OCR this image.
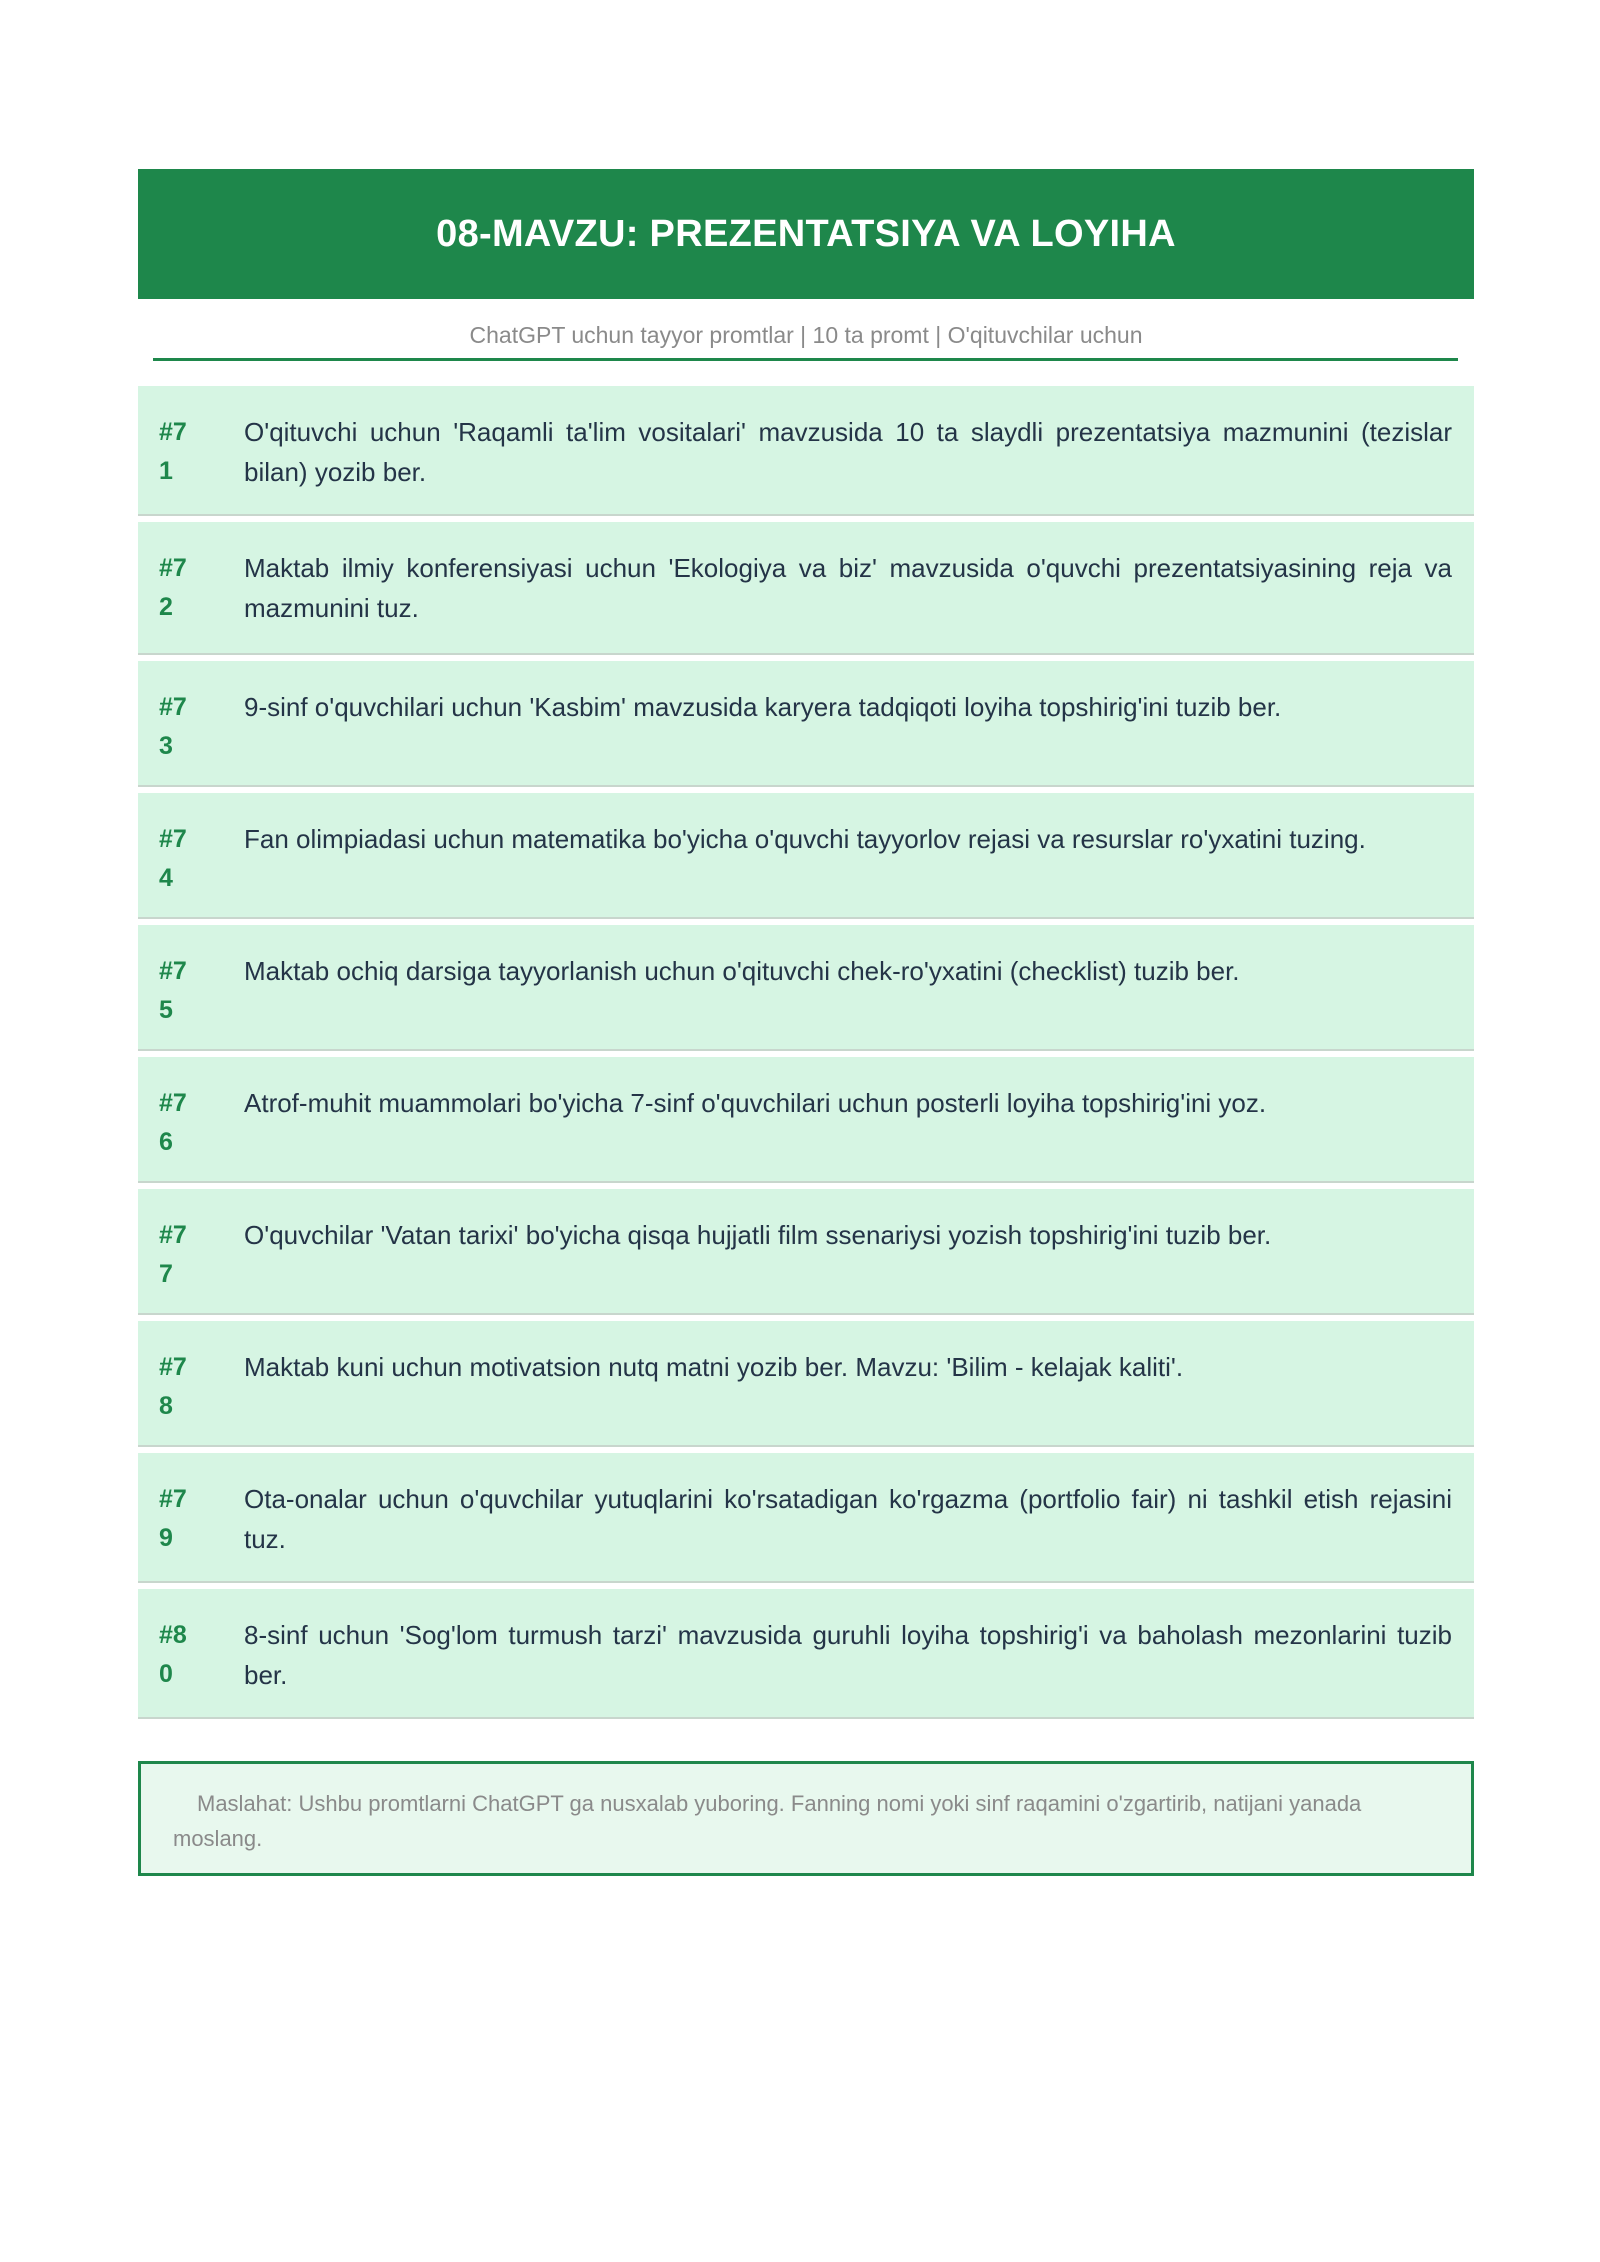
08-MAVZU: PREZENTATSIYA VA LOYIHA
ChatGPT uchun tayyor promtlar | 10 ta promt | O'qituvchilar uchun
#71
O'qituvchi uchun 'Raqamli ta'lim vositalari' mavzusida 10 ta slaydli prezentatsiya mazmunini (tezislar bilan) yozib ber.
#72
Maktab ilmiy konferensiyasi uchun 'Ekologiya va biz' mavzusida o'quvchi prezentatsiyasining reja va mazmunini tuz.
#73
9-sinf o'quvchilari uchun 'Kasbim' mavzusida karyera tadqiqoti loyiha topshirig'ini tuzib ber.
#74
Fan olimpiadasi uchun matematika bo'yicha o'quvchi tayyorlov rejasi va resurslar ro'yxatini tuzing.
#75
Maktab ochiq darsiga tayyorlanish uchun o'qituvchi chek-ro'yxatini (checklist) tuzib ber.
#76
Atrof-muhit muammolari bo'yicha 7-sinf o'quvchilari uchun posterli loyiha topshirig'ini yoz.
#77
O'quvchilar 'Vatan tarixi' bo'yicha qisqa hujjatli film ssenariysi yozish topshirig'ini tuzib ber.
#78
Maktab kuni uchun motivatsion nutq matni yozib ber. Mavzu: 'Bilim - kelajak kaliti'.
#79
Ota-onalar uchun o'quvchilar yutuqlarini ko'rsatadigan ko'rgazma (portfolio fair) ni tashkil etish rejasini tuz.
#80
8-sinf uchun 'Sog'lom turmush tarzi' mavzusida guruhli loyiha topshirig'i va baholash mezonlarini tuzib ber.
Maslahat: Ushbu promtlarni ChatGPT ga nusxalab yuboring. Fanning nomi yoki sinf raqamini o'zgartirib, natijani yanada moslang.
